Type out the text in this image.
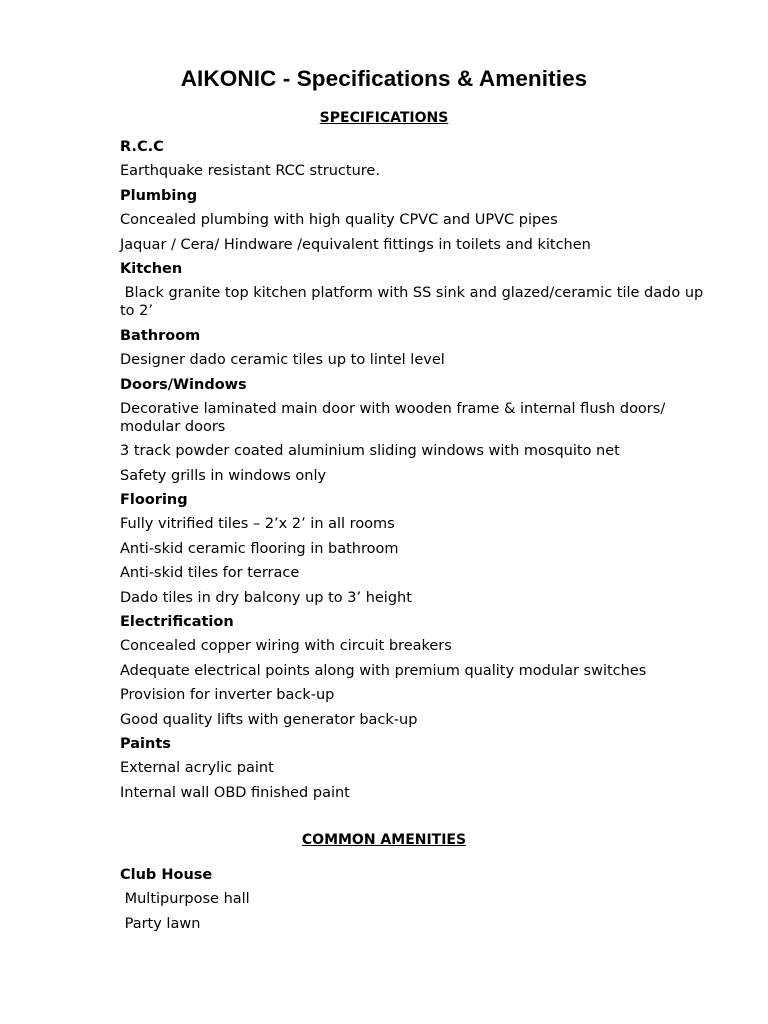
AIKONIC - Specifications & Amenities
SPECIFICATIONS
R.C.C
Earthquake resistant RCC structure.
Plumbing
Concealed plumbing with high quality CPVC and UPVC pipes
Jaquar / Cera/ Hindware /equivalent fittings in toilets and kitchen
Kitchen
Black granite top kitchen platform with SS sink and glazed/ceramic tile dado up to 2’
Bathroom
Designer dado ceramic tiles up to lintel level
Doors/Windows
Decorative laminated main door with wooden frame & internal flush doors/ modular doors
3 track powder coated aluminium sliding windows with mosquito net
Safety grills in windows only
Flooring
Fully vitrified tiles – 2’x 2’ in all rooms
Anti-skid ceramic flooring in bathroom
Anti-skid tiles for terrace
Dado tiles in dry balcony up to 3’ height
Electrification
Concealed copper wiring with circuit breakers
Adequate electrical points along with premium quality modular switches
Provision for inverter back-up
Good quality lifts with generator back-up
Paints
External acrylic paint
Internal wall OBD finished paint
COMMON AMENITIES
Club House
Multipurpose hall
Party lawn
